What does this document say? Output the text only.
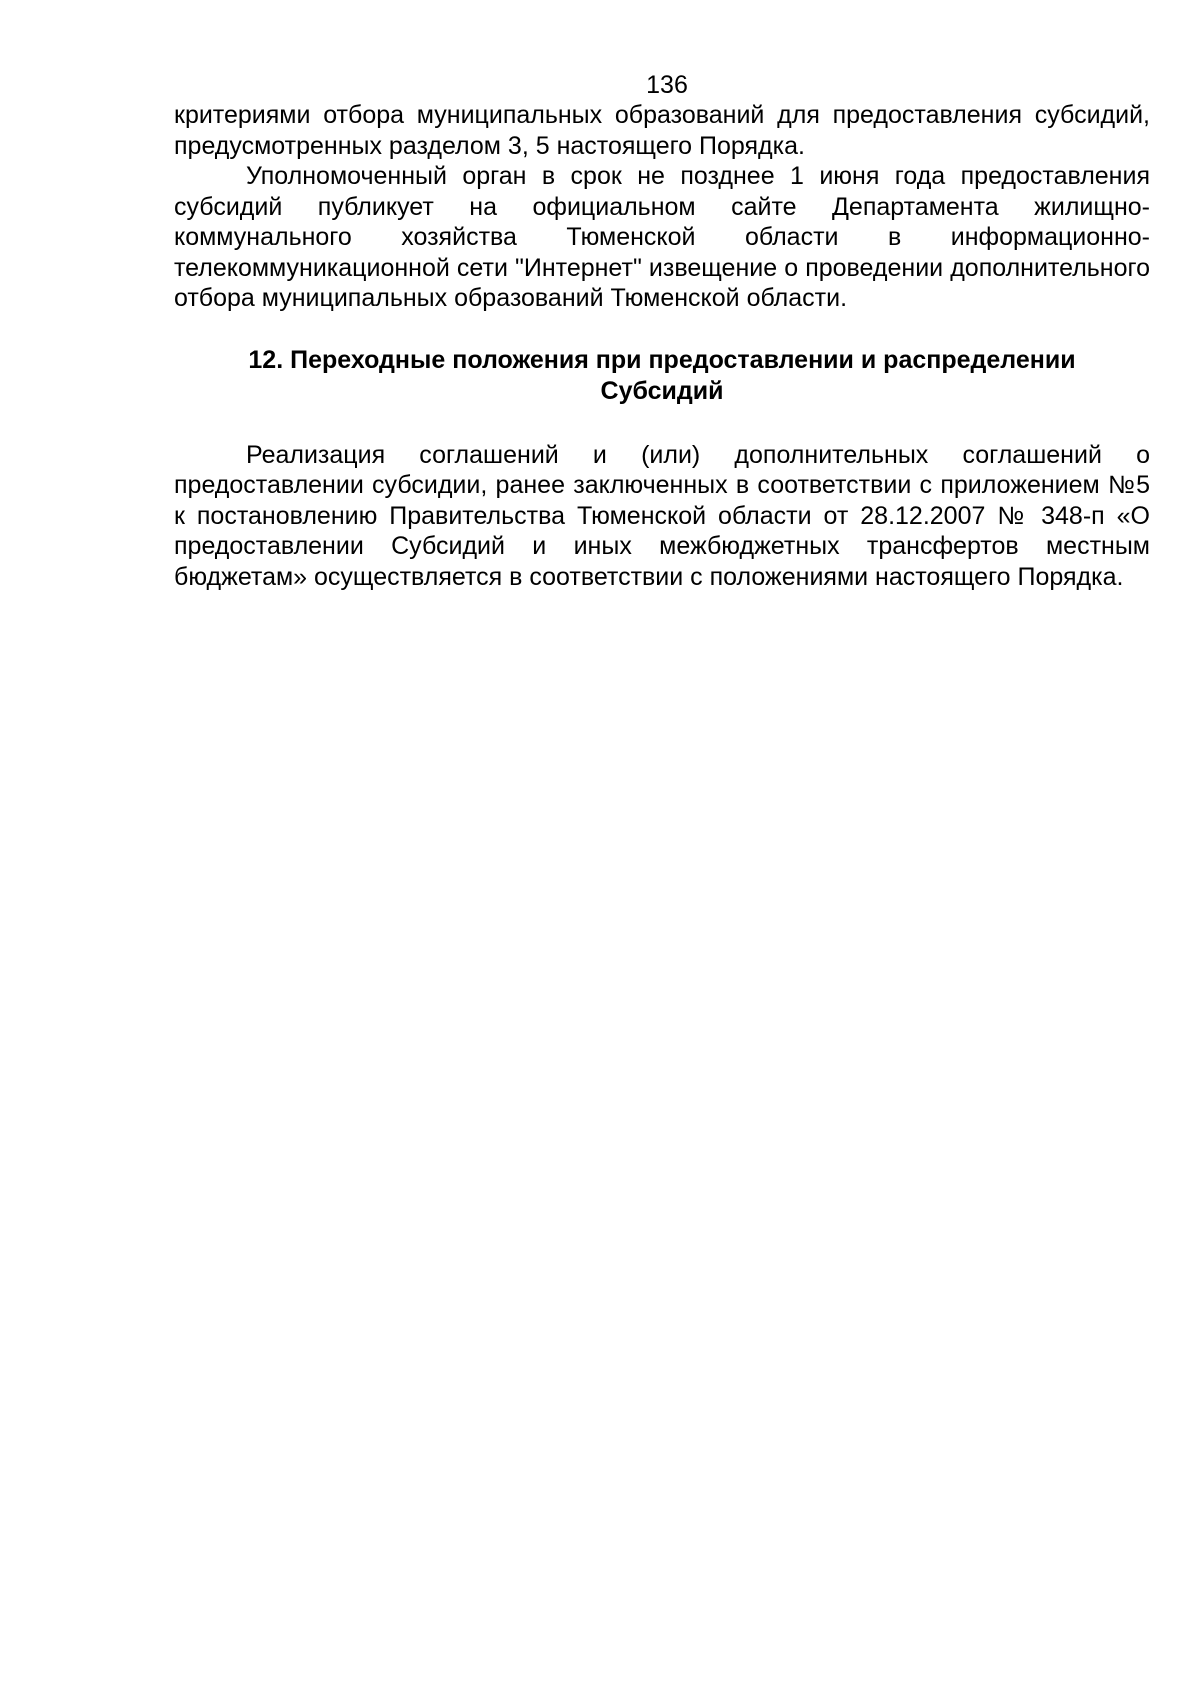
136

критериями отбора муниципальных образований для предоставления субсидий, предусмотренных разделом 3, 5 настоящего Порядка.

Уполномоченный орган в срок не позднее 1 июня года предоставления субсидий публикует на официальном сайте Департамента жилищно-коммунального хозяйства Тюменской области в информационно-телекоммуникационной сети "Интернет" извещение о проведении дополнительного отбора муниципальных образований Тюменской области.

12. Переходные положения при предоставлении и распределении
Субсидий

Реализация соглашений и (или) дополнительных соглашений о предоставлении субсидии, ранее заключенных в соответствии с приложением №5 к постановлению Правительства Тюменской области от 28.12.2007 № 348-п «О предоставлении Субсидий и иных межбюджетных трансфертов местным бюджетам» осуществляется в соответствии с положениями настоящего Порядка.
